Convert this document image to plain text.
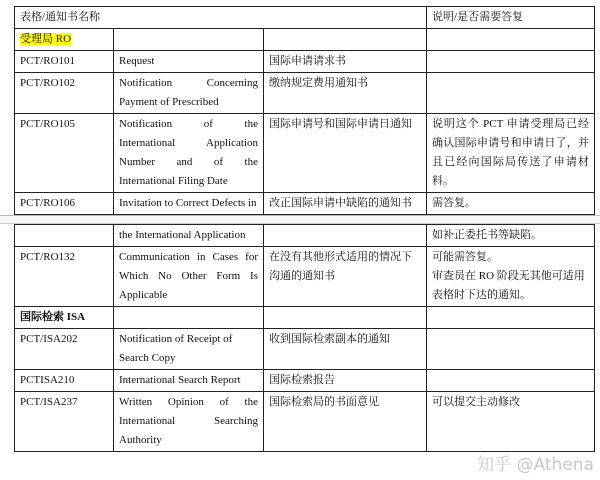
表格/通知书名称			说明/是否需要答复
受理局 RO			
PCT/RO101	Request	国际申请请求书	
PCT/RO102	Notification Concerning Payment of Prescribed	缴纳规定费用通知书	
PCT/RO105	Notification of the International Application Number and of the International Filing Date	国际申请号和国际申请日通知	说明这个 PCT 申请受理局已经确认国际申请号和申请日了，并且已经向国际局传送了申请材料。
PCT/RO106	Invitation to Correct Defects in	改正国际申请中缺陷的通知书	需答复。
	the International Application		如补正委托书等缺陷。
PCT/RO132	Communication in Cases for Which No Other Form Is Applicable	在没有其他形式适用的情况下沟通的通知书	可能需答复。
审查员在 RO 阶段无其他可适用表格时下达的通知。

国际检索 ISA			
PCT/ISA202	Notification of Receipt of Search Copy	收到国际检索副本的通知	
PCTISA210	International Search Report	国际检索报告	
PCT/ISA237	Written Opinion of the International Searching Authority	国际检索局的书面意见	可以提交主动修改
知乎 @Athena
